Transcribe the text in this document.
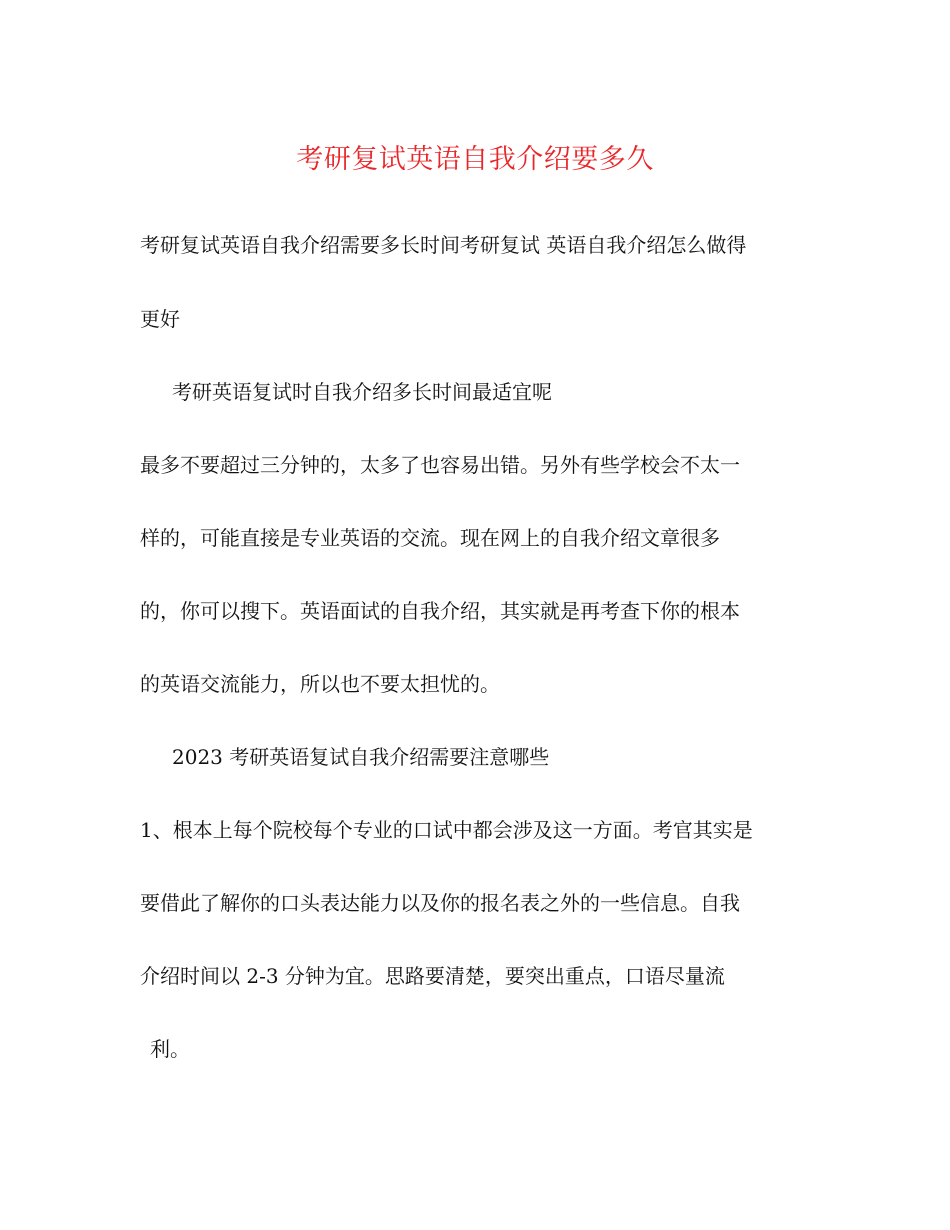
考研复试英语自我介绍要多久
考研复试英语自我介绍需要多长时间考研复试 英语自我介绍怎么做得
更好
考研英语复试时自我介绍多长时间最适宜呢
最多不要超过三分钟的，太多了也容易出错。另外有些学校会不太一
样的，可能直接是专业英语的交流。现在网上的自我介绍文章很多
的，你可以搜下。英语面试的自我介绍，其实就是再考查下你的根本
的英语交流能力，所以也不要太担忧的。
2023 考研英语复试自我介绍需要注意哪些
1、根本上每个院校每个专业的口试中都会涉及这一方面。考官其实是
要借此了解你的口头表达能力以及你的报名表之外的一些信息。自我
介绍时间以 2-3 分钟为宜。思路要清楚，要突出重点，口语尽量流
利。
